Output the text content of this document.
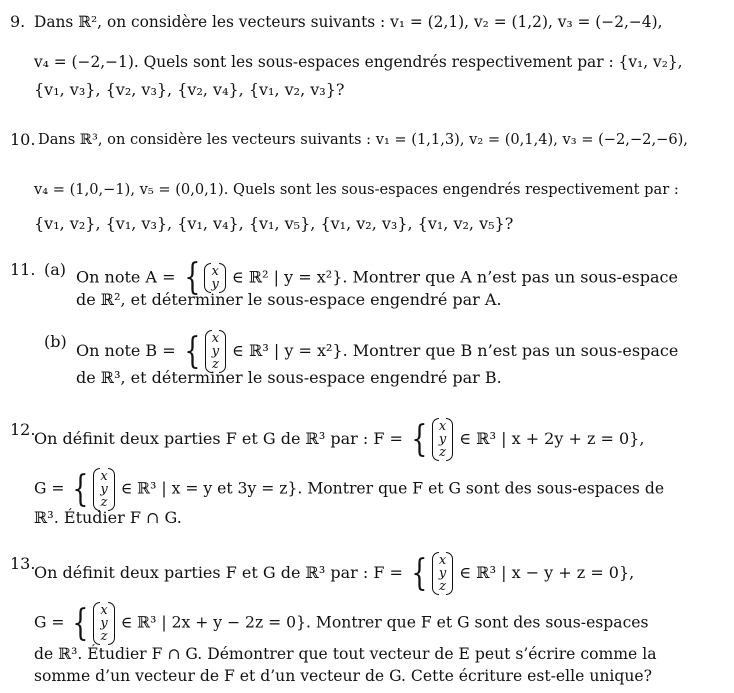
9. Dans ℝ², on considère les vecteurs suivants : v₁ = (2,1), v₂ = (1,2), v₃ = (−2,−4),
v₄ = (−2,−1). Quels sont les sous-espaces engendrés respectivement par : {v₁, v₂},
{v₁, v₃}, {v₂, v₃}, {v₂, v₄}, {v₁, v₂, v₃}?
10. Dans ℝ³, on considère les vecteurs suivants : v₁ = (1,1,3), v₂ = (0,1,4), v₃ = (−2,−2,−6),
v₄ = (1,0,−1), v₅ = (0,0,1). Quels sont les sous-espaces engendrés respectivement par :
{v₁, v₂}, {v₁, v₃}, {v₁, v₄}, {v₁, v₅}, {v₁, v₂, v₃}, {v₁, v₂, v₅}?
11. (a) On note A = { x
y ∈ ℝ² | y = x²}. Montrer que A n’est pas un sous-espace
de ℝ², et déterminer le sous-espace engendré par A.
(b) On note B = { x
y
z
∈ ℝ³ | y = x²}. Montrer que B n’est pas un sous-espace
de ℝ³, et déterminer le sous-espace engendré par B.
12.
On définit deux parties F et G de ℝ³ par : F = { x
y
z
∈ ℝ³ | x + 2y + z = 0},
G = { x
y
z
∈ ℝ³ | x = y et 3y = z}. Montrer que F et G sont des sous-espaces de
ℝ³. Étudier F ∩ G.
13.
On définit deux parties F et G de ℝ³ par : F = { x
y
z
∈ ℝ³ | x − y + z = 0},
G = { x
y
z
∈ ℝ³ | 2x + y − 2z = 0}. Montrer que F et G sont des sous-espaces
de ℝ³. Étudier F ∩ G. Démontrer que tout vecteur de E peut s’écrire comme la
somme d’un vecteur de F et d’un vecteur de G. Cette écriture est-elle unique?
